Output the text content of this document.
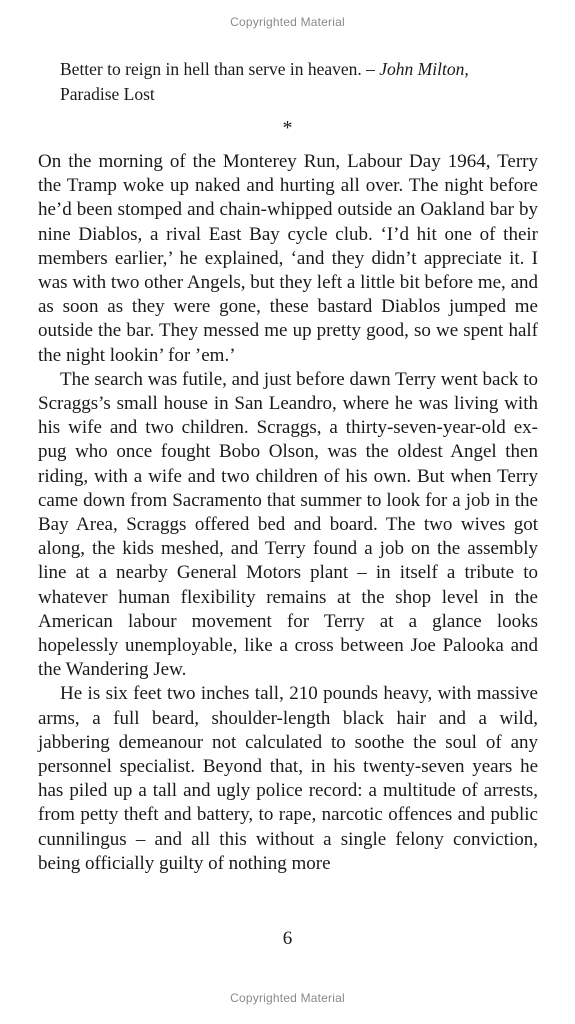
Copyrighted Material
Better to reign in hell than serve in heaven. – John Milton,
Paradise Lost
*

On the morning of the Monterey Run, Labour Day 1964, Terry the Tramp woke up naked and hurting all over. The night before he’d been stomped and chain-whipped outside an Oakland bar by nine Diablos, a rival East Bay cycle club. ‘I’d hit one of their members earlier,’ he explained, ‘and they didn’t appreciate it. I was with two other Angels, but they left a little bit before me, and as soon as they were gone, these bastard Diablos jumped me outside the bar. They messed me up pretty good, so we spent half the night lookin’ for ’em.’

The search was futile, and just before dawn Terry went back to Scraggs’s small house in San Leandro, where he was living with his wife and two children. Scraggs, a thirty-seven-year-old ex-pug who once fought Bobo Olson, was the oldest Angel then riding, with a wife and two children of his own. But when Terry came down from Sacramento that summer to look for a job in the Bay Area, Scraggs offered bed and board. The two wives got along, the kids meshed, and Terry found a job on the assembly line at a nearby General Motors plant – in itself a tribute to whatever human flexibility remains at the shop level in the American labour movement for Terry at a glance looks hopelessly unemployable, like a cross between Joe Palooka and the Wandering Jew.

He is six feet two inches tall, 210 pounds heavy, with massive arms, a full beard, shoulder-length black hair and a wild, jabbering demeanour not calculated to soothe the soul of any personnel specialist. Beyond that, in his twenty-seven years he has piled up a tall and ugly police record: a multitude of arrests, from petty theft and battery, to rape, narcotic offences and public cunnilingus – and all this without a single felony conviction, being officially guilty of nothing more

6
Copyrighted Material
